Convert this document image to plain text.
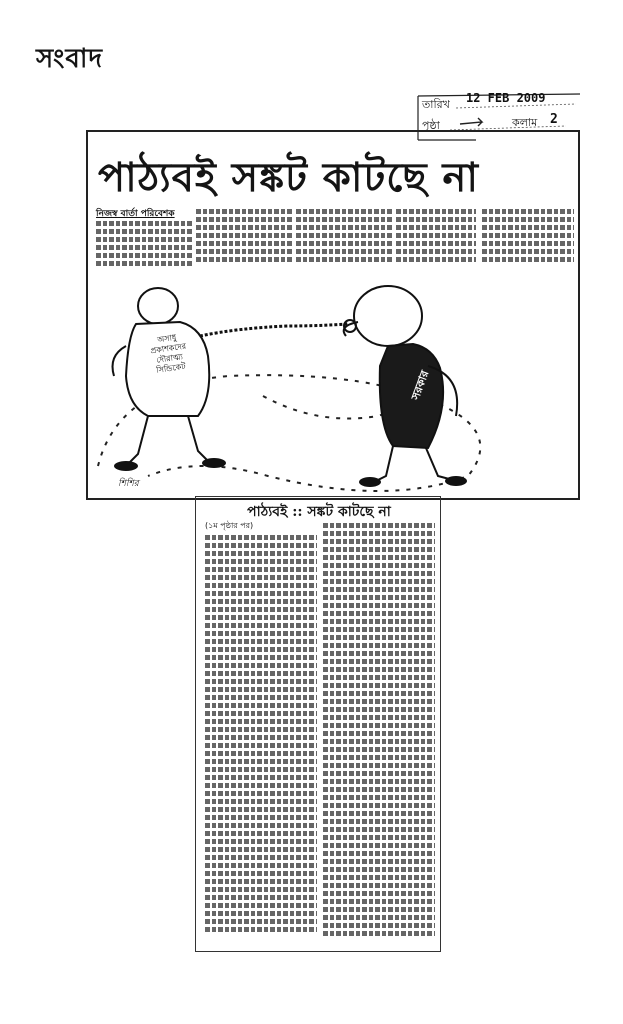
সংবাদ
তারিখ 12 FEB 2009
পৃষ্ঠা	কলাম 2
পাঠ্যবই সঙ্কট কাটছে না
নিজস্ব বার্তা পরিবেশক
অসাধু
প্রকাশকদের
দৌরাত্ম্য
সিন্ডিকেট
সরকার
শিশির
পাঠ্যবই :: সঙ্কট কাটছে না
(১ম পৃষ্ঠার পর)
